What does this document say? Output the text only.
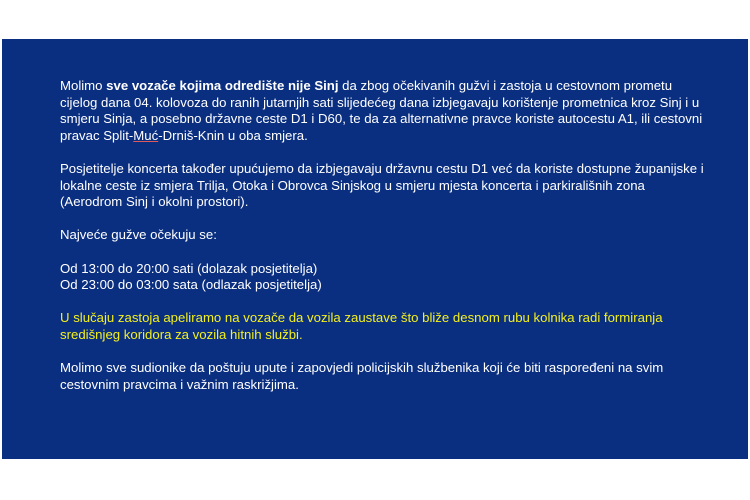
Molimo sve vozače kojima odredište nije Sinj da zbog očekivanih gužvi i zastoja u cestovnom prometu cijelog dana 04. kolovoza do ranih jutarnjih sati slijedećeg dana izbjegavaju korištenje prometnica kroz Sinj i u smjeru Sinja, a posebno državne ceste D1 i D60, te da za alternativne pravce koriste autocestu A1, ili cestovni pravac Split-Muć-Drniš-Knin u oba smjera.

Posjetitelje koncerta također upućujemo da izbjegavaju državnu cestu D1 već da koriste dostupne županijske i lokalne ceste iz smjera Trilja, Otoka i Obrovca Sinjskog u smjeru mjesta koncerta i parkirališnih zona (Aerodrom Sinj i okolni prostori).

Najveće gužve očekuju se:

Od 13:00 do 20:00 sati (dolazak posjetitelja)
Od 23:00 do 03:00 sata (odlazak posjetitelja)

U slučaju zastoja apeliramo na vozače da vozila zaustave što bliže desnom rubu kolnika radi formiranja središnjeg koridora za vozila hitnih službi.

Molimo sve sudionike da poštuju upute i zapovjedi policijskih službenika koji će biti raspoređeni na svim cestovnim pravcima i važnim raskrižjima.
